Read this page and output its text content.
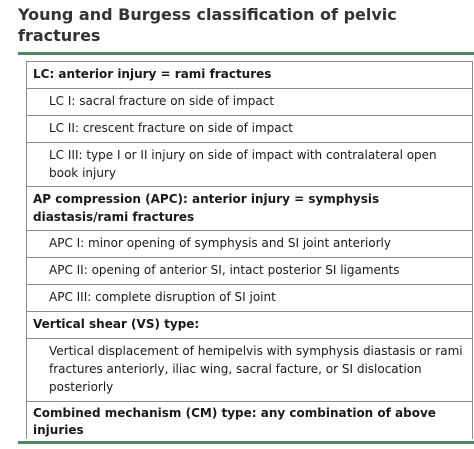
Young and Burgess classification of pelvic fractures
LC: anterior injury = rami fractures
LC I: sacral fracture on side of impact
LC II: crescent fracture on side of impact
LC III: type I or II injury on side of impact with contralateral open book injury
AP compression (APC): anterior injury = symphysis diastasis/rami fractures
APC I: minor opening of symphysis and SI joint anteriorly
APC II: opening of anterior SI, intact posterior SI ligaments
APC III: complete disruption of SI joint
Vertical shear (VS) type:
Vertical displacement of hemipelvis with symphysis diastasis or rami fractures anteriorly, iliac wing, sacral facture, or SI dislocation posteriorly
Combined mechanism (CM) type: any combination of above injuries
